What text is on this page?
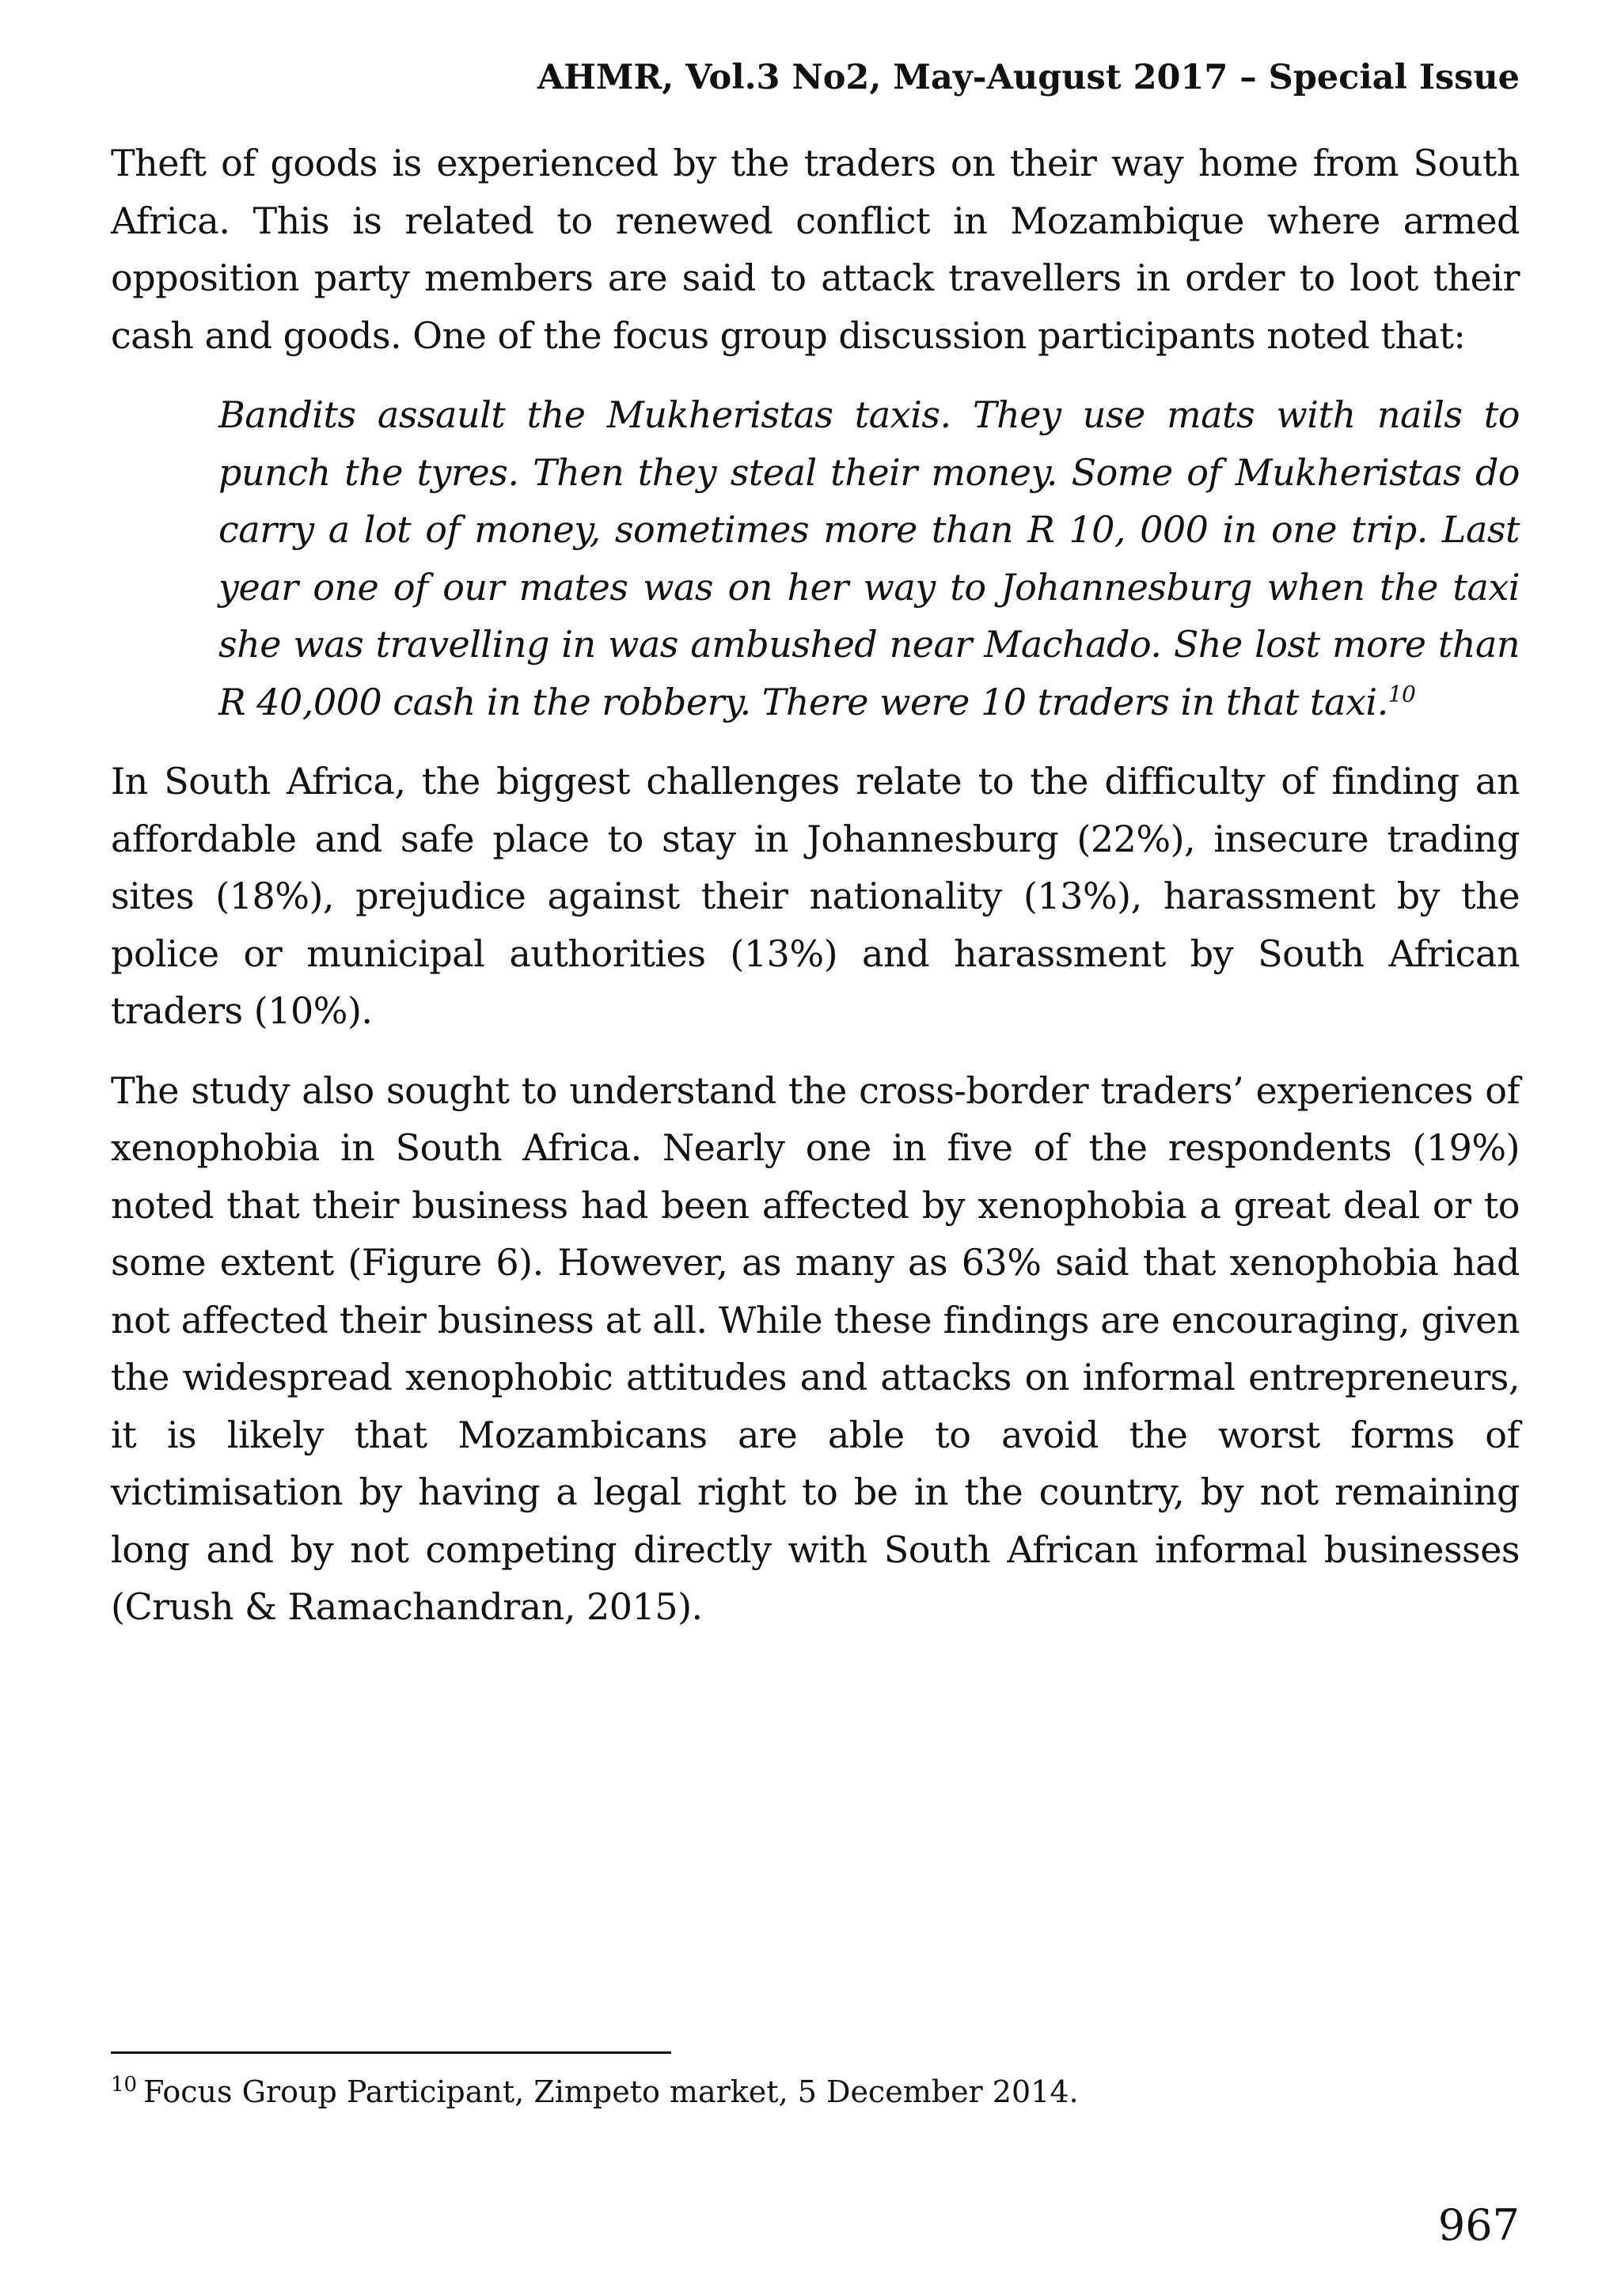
AHMR, Vol.3 No2, May-August 2017 – Special Issue

Theft of goods is experienced by the traders on their way home from South Africa. This is related to renewed conflict in Mozambique where armed opposition party members are said to attack travellers in order to loot their cash and goods. One of the focus group discussion participants noted that:

Bandits assault the Mukheristas taxis. They use mats with nails to punch the tyres. Then they steal their money. Some of Mukheristas do carry a lot of money, sometimes more than R 10, 000 in one trip. Last year one of our mates was on her way to Johannesburg when the taxi she was travelling in was ambushed near Machado. She lost more than R 40,000 cash in the robbery. There were 10 traders in that taxi.$^{10}$

In South Africa, the biggest challenges relate to the difficulty of finding an affordable and safe place to stay in Johannesburg (22%), insecure trading sites (18%), prejudice against their nationality (13%), harassment by the police or municipal authorities (13%) and harassment by South African traders (10%).

The study also sought to understand the cross-border traders’ experiences of xenophobia in South Africa. Nearly one in five of the respondents (19%) noted that their business had been affected by xenophobia a great deal or to some extent (Figure 6). However, as many as 63% said that xenophobia had not affected their business at all. While these findings are encouraging, given the widespread xenophobic attitudes and attacks on informal entrepreneurs, it is likely that Mozambicans are able to avoid the worst forms of victimisation by having a legal right to be in the country, by not remaining long and by not competing directly with South African informal businesses (Crush & Ramachandran, 2015).

$^{10}$ Focus Group Participant, Zimpeto market, 5 December 2014.
967
